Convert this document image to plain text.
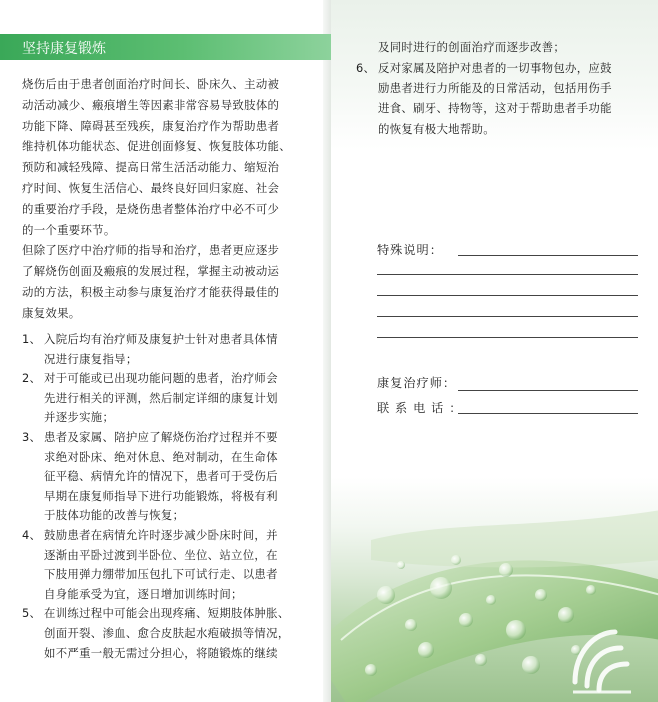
坚持康复锻炼
烧伤后由于患者创面治疗时间长、卧床久、主动被
动活动减少、瘢痕增生等因素非常容易导致肢体的
功能下降、障碍甚至残疾，康复治疗作为帮助患者
维持机体功能状态、促进创面修复、恢复肢体功能、
预防和减轻残障、提高日常生活活动能力、缩短治
疗时间、恢复生活信心、最终良好回归家庭、社会
的重要治疗手段，是烧伤患者整体治疗中必不可少
的一个重要环节。
但除了医疗中治疗师的指导和治疗，患者更应逐步
了解烧伤创面及瘢痕的发展过程，掌握主动被动运
动的方法，积极主动参与康复治疗才能获得最佳的
康复效果。
1、 入院后均有治疗师及康复护士针对患者具体情
况进行康复指导；
2、 对于可能或已出现功能问题的患者，治疗师会
先进行相关的评测，然后制定详细的康复计划
并逐步实施；
3、 患者及家属、陪护应了解烧伤治疗过程并不要
求绝对卧床、绝对休息、绝对制动，在生命体
征平稳、病情允许的情况下，患者可于受伤后
早期在康复师指导下进行功能锻炼，将极有利
于肢体功能的改善与恢复；
4、 鼓励患者在病情允许时逐步减少卧床时间，并
逐渐由平卧过渡到半卧位、坐位、站立位，在
下肢用弹力绷带加压包扎下可试行走、以患者
自身能承受为宜，逐日增加训练时间；
5、 在训练过程中可能会出现疼痛、短期肢体肿胀、
创面开裂、渗血、愈合皮肤起水疱破损等情况，
如不严重一般无需过分担心，将随锻炼的继续
及同时进行的创面治疗而逐步改善；
6、 反对家属及陪护对患者的一切事物包办，应鼓
励患者进行力所能及的日常活动，包括用伤手
进食、刷牙、持物等，这对于帮助患者手功能
的恢复有极大地帮助。
特殊说明：
康复治疗师：
联 系 电 话 ：
